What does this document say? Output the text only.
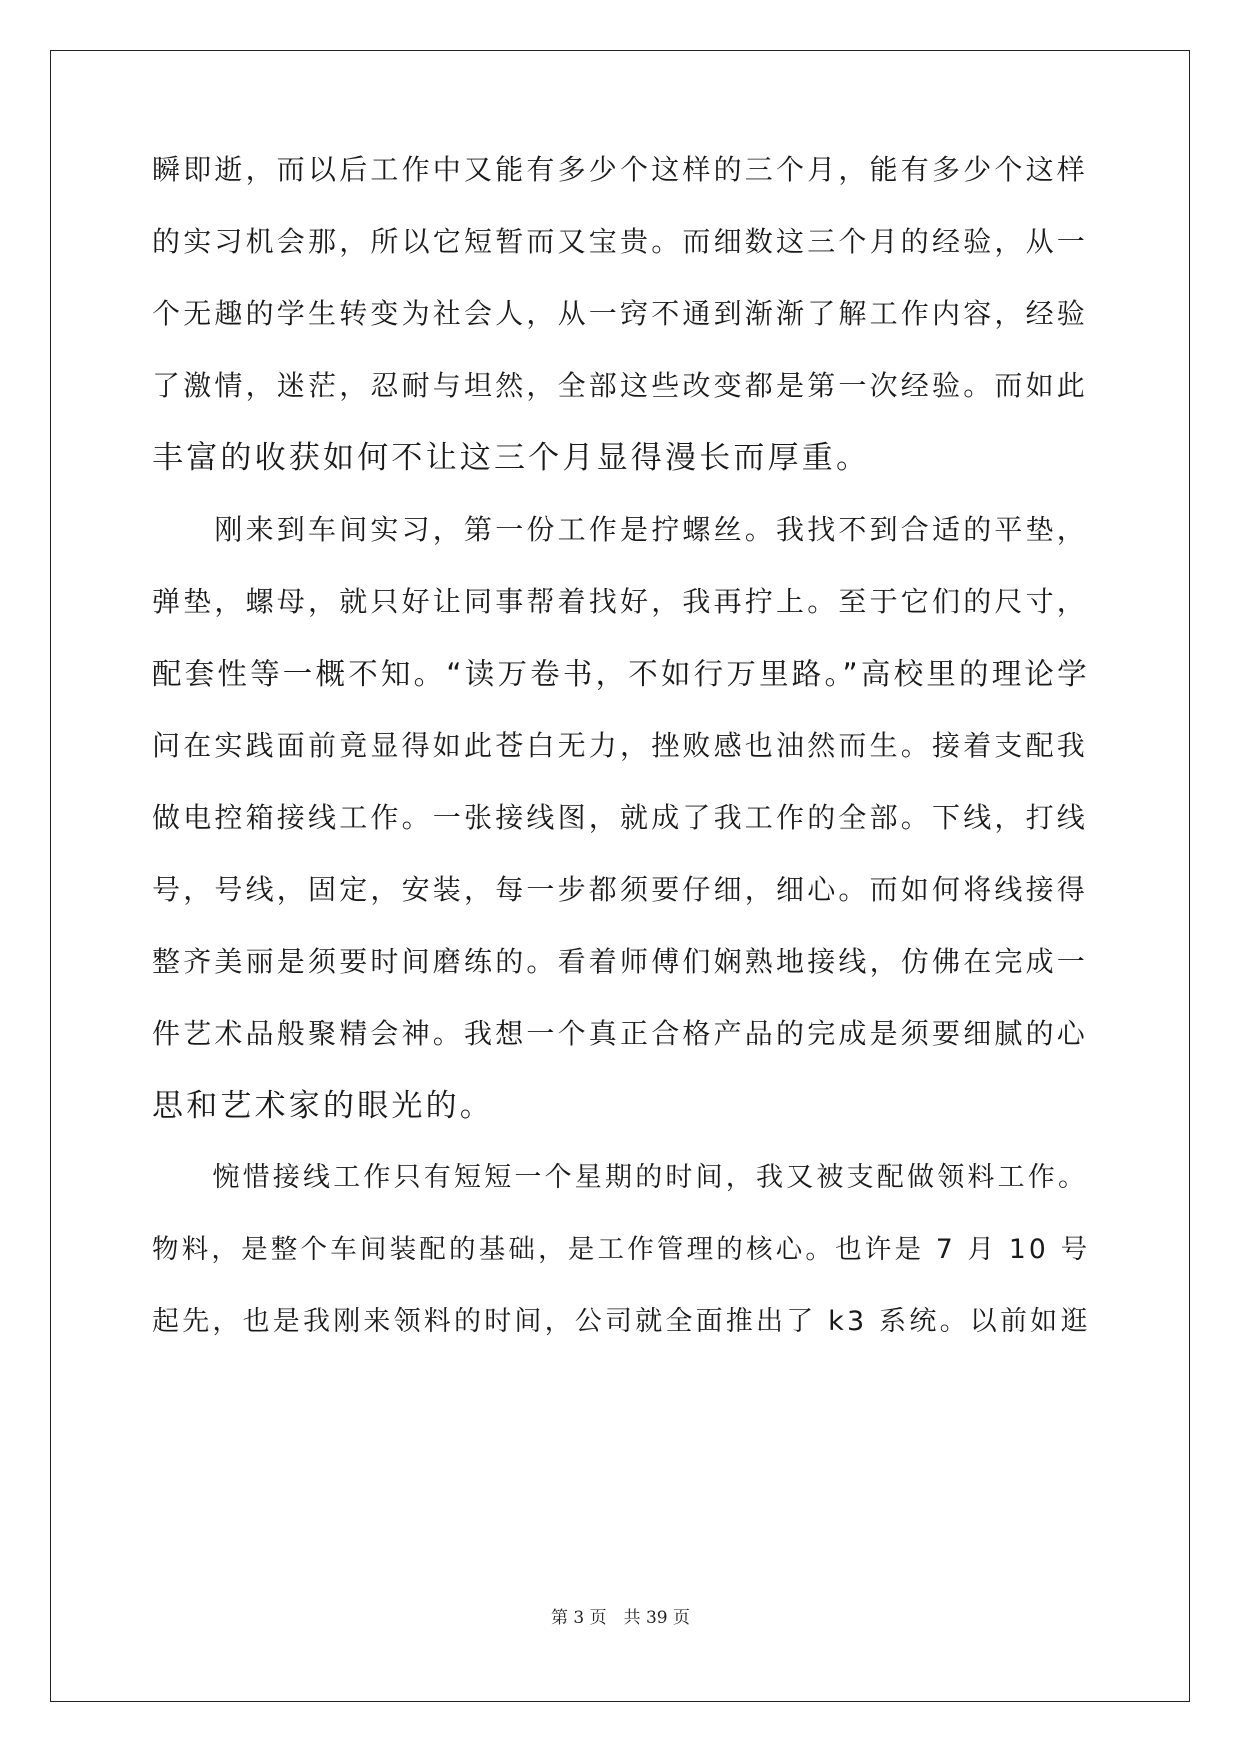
瞬即逝，而以后工作中又能有多少个这样的三个月，能有多少个这样
的实习机会那，所以它短暂而又宝贵。而细数这三个月的经验，从一
个无趣的学生转变为社会人，从一窍不通到渐渐了解工作内容，经验
了激情，迷茫，忍耐与坦然，全部这些改变都是第一次经验。而如此
丰富的收获如何不让这三个月显得漫长而厚重。
　　刚来到车间实习，第一份工作是拧螺丝。我找不到合适的平垫，
弹垫，螺母，就只好让同事帮着找好，我再拧上。至于它们的尺寸，
配套性等一概不知。“读万卷书，不如行万里路。”高校里的理论学
问在实践面前竟显得如此苍白无力，挫败感也油然而生。接着支配我
做电控箱接线工作。一张接线图，就成了我工作的全部。下线，打线
号，号线，固定，安装，每一步都须要仔细，细心。而如何将线接得
整齐美丽是须要时间磨练的。看着师傅们娴熟地接线，仿佛在完成一
件艺术品般聚精会神。我想一个真正合格产品的完成是须要细腻的心
思和艺术家的眼光的。
　　惋惜接线工作只有短短一个星期的时间，我又被支配做领料工作。
物料，是整个车间装配的基础，是工作管理的核心。也许是 7 月 10 号
起先，也是我刚来领料的时间，公司就全面推出了 k3 系统。以前如逛
第 3 页　共 39 页
